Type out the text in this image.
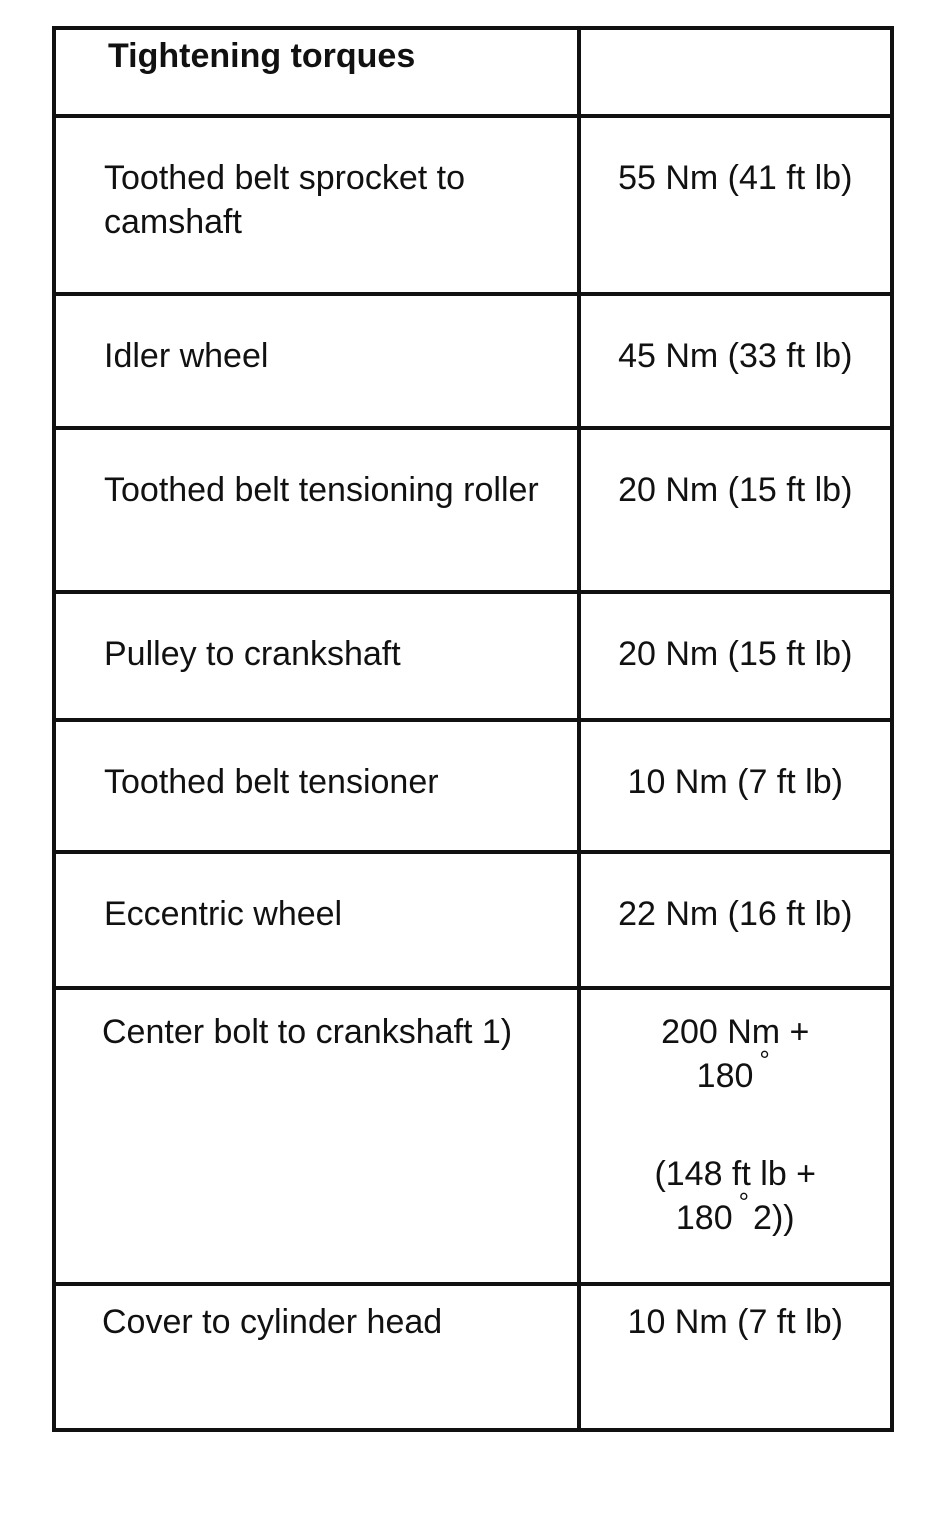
Tightening torques	
Toothed belt sprocket to camshaft	55 Nm (41 ft lb)
Idler wheel	45 Nm (33 ft lb)
Toothed belt tensioning roller	20 Nm (15 ft lb)
Pulley to crankshaft	20 Nm (15 ft lb)
Toothed belt tensioner	10 Nm (7 ft lb)
Eccentric wheel	22 Nm (16 ft lb)
Center bolt to crankshaft 1)	200 Nm +
180 °
(148 ft lb +
180 ° 2))

Cover to cylinder head	10 Nm (7 ft lb)
